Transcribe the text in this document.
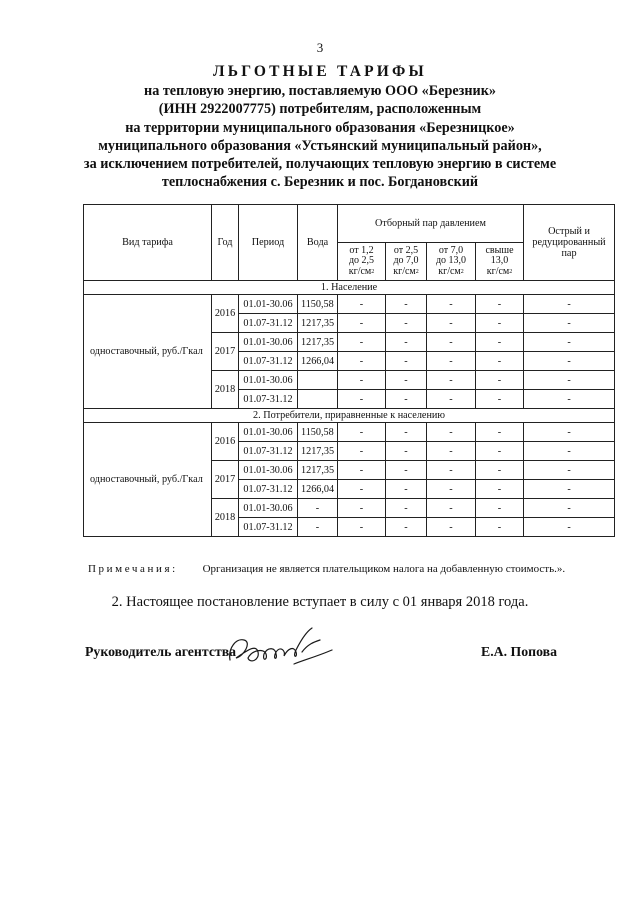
3
ЛЬГОТНЫЕ ТАРИФЫ
на тепловую энергию, поставляемую ООО «Березник»
(ИНН 2922007775) потребителям, расположенным
на территории муниципального образования «Березницкое»
муниципального образования «Устьянский муниципальный район»,
за исключением потребителей, получающих тепловую энергию в системе
теплоснабжения с. Березник и пос. Богдановский
Вид тарифа	Год	Период	Вода	Отборный пар давлением				Острый и редуцированный пар
				от 1,2
до 2,5
$кг/см^2$	от 2,5
до 7,0
$кг/см^2$	от 7,0
до 13,0
$кг/см^2$	свыше
13,0
$кг/см^2$
1. Население								
одноставочный, руб./Гкал	2016	01.01-30.06	1150,58	-	-	-	-	-
		01.07-31.12	1217,35	-	-	-	-	-
	2017	01.01-30.06	1217,35	-	-	-	-	-
		01.07-31.12	1266,04	-	-	-	-	-
	2018	01.01-30.06		-	-	-	-	-
		01.07-31.12		-	-	-	-	-
2. Потребители, приравненные к населению								
одноставочный, руб./Гкал	2016	01.01-30.06	1150,58	-	-	-	-	-
		01.07-31.12	1217,35	-	-	-	-	-
	2017	01.01-30.06	1217,35	-	-	-	-	-
		01.07-31.12	1266,04	-	-	-	-	-
	2018	01.01-30.06	-	-	-	-	-	-
		01.07-31.12	-	-	-	-	-	-
Примечания: Организация не является плательщиком налога на добавленную стоимость.».
2. Настоящее постановление вступает в силу с 01 января 2018 года.
Руководитель агентства	Е.А. Попова
